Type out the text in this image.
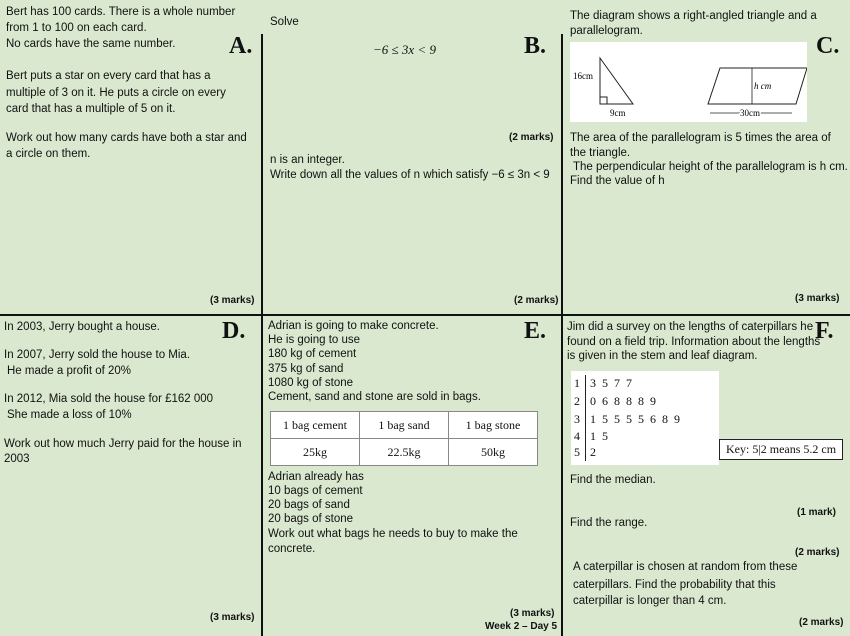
Bert has 100 cards. There is a whole number
from 1 to 100 on each card.
No cards have the same number. A.
Bert puts a star on every card that has a
multiple of 3 on it. He puts a circle on every
card that has a multiple of 5 on it.
Work out how many cards have both a star and
a circle on them.
(3 marks)
Solve
−6 ≤ 3x < 9	B.
(2 marks)
n is an integer.
Write down all the values of n which satisfy −6 ≤ 3n < 9
(2 marks)
The diagram shows a right-angled triangle and a
parallelogram.
C.
16cm
9cm
h cm
30cm
The area of the parallelogram is 5 times the area of
the triangle.
The perpendicular height of the parallelogram is h cm.
Find the value of h
(3 marks)
In 2003, Jerry bought a house.	D.
In 2007, Jerry sold the house to Mia.
He made a profit of 20%
In 2012, Mia sold the house for £162 000
She made a loss of 10%
Work out how much Jerry paid for the house in 2003
(3 marks)
Adrian is going to make concrete.	E.
He is going to use
180 kg of cement
375 kg of sand
1080 kg of stone
Cement, sand and stone are sold in bags.
1 bag cement	1 bag sand	1 bag stone
25kg	22.5kg	50kg
Adrian already has
10 bags of cement
20 bags of sand
20 bags of stone
Work out what bags he needs to buy to make the concrete.
(3 marks)
Week 2 – Day 5
Jim did a survey on the lengths of caterpillars he F.
found on a field trip. Information about the lengths
is given in the stem and leaf diagram.
1 3  5  7  7
2 0  6  8  8  8  9
3 1  5  5  5  5  6  8  9
4 1  5
5 2	Key: 5|2 means 5.2 cm
Find the median.
(1 mark)
Find the range.
(2 marks)
A caterpillar is chosen at random from these
caterpillars. Find the probability that this
caterpillar is longer than 4 cm.
(2 marks)
